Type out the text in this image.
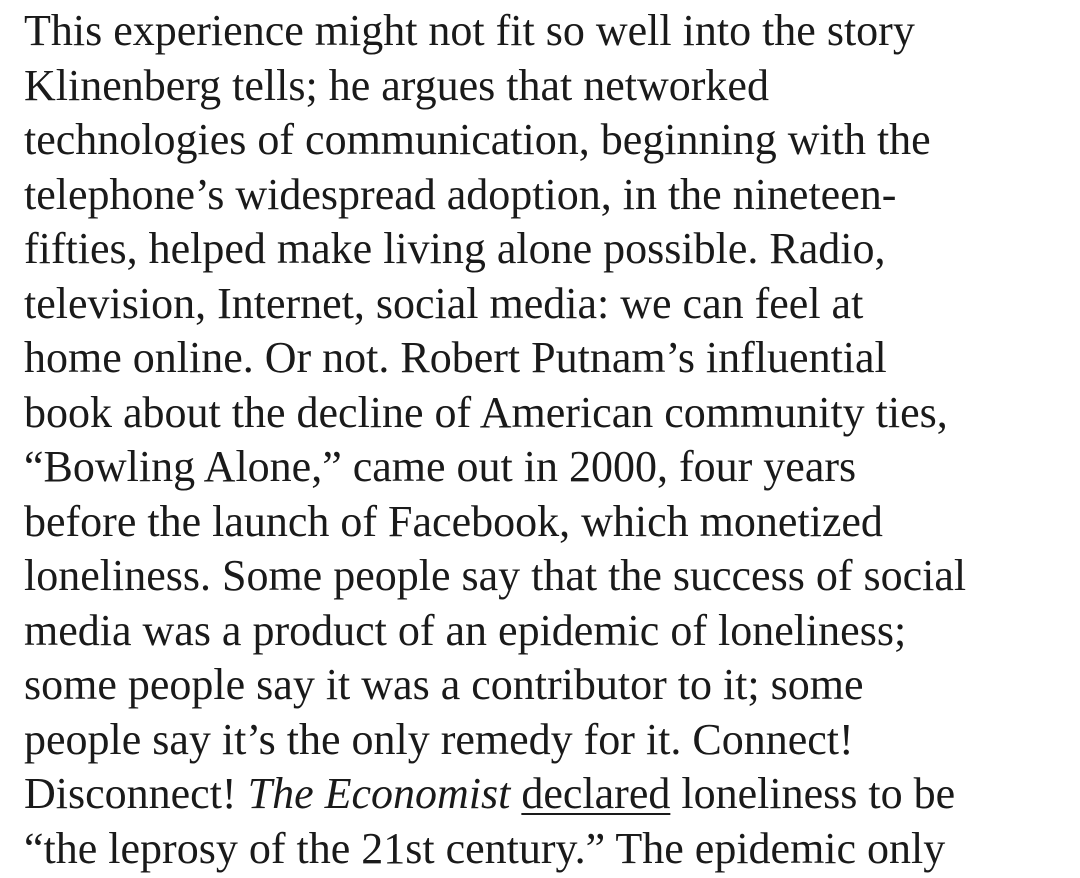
This experience might not fit so well into the story
Klinenberg tells; he argues that networked
technologies of communication, beginning with the
telephone’s widespread adoption, in the nineteen-
fifties, helped make living alone possible. Radio,
television, Internet, social media: we can feel at
home online. Or not. Robert Putnam’s influential
book about the decline of American community ties,
“Bowling Alone,” came out in 2000, four years
before the launch of Facebook, which monetized
loneliness. Some people say that the success of social
media was a product of an epidemic of loneliness;
some people say it was a contributor to it; some
people say it’s the only remedy for it. Connect!
Disconnect! The Economist declared loneliness to be
“the leprosy of the 21st century.” The epidemic only
